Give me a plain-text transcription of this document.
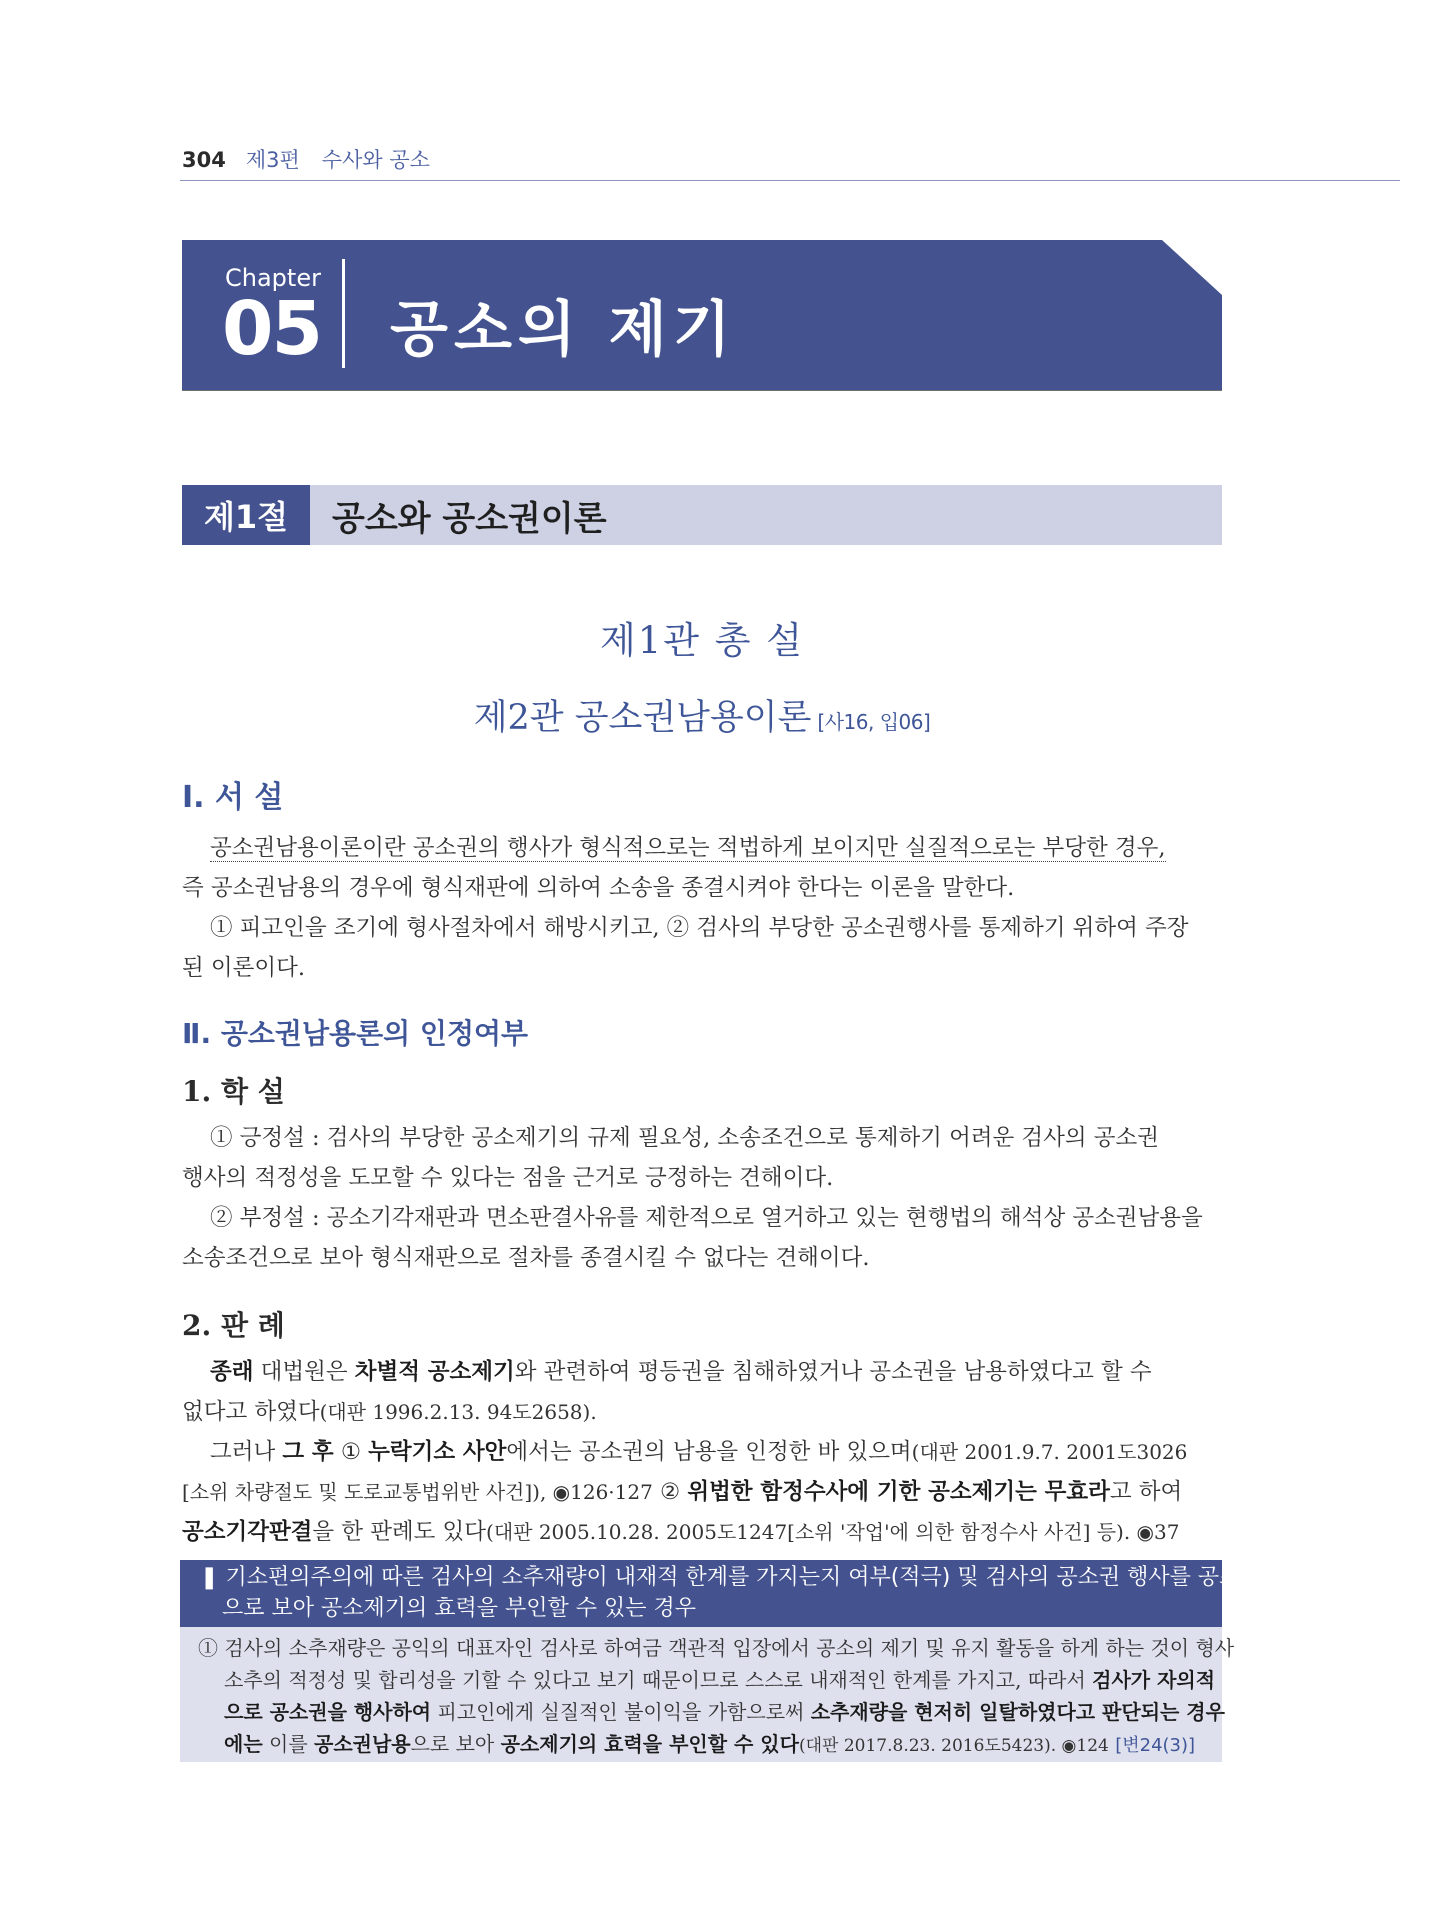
304 제3편 수사와 공소
Chapter
05 공소의 제기
제1절	공소와 공소권이론
제1관 총 설
제2관 공소권남용이론 [사16, 입06]
Ⅰ. 서 설
공소권남용이론이란 공소권의 행사가 형식적으로는 적법하게 보이지만 실질적으로는 부당한 경우,
즉 공소권남용의 경우에 형식재판에 의하여 소송을 종결시켜야 한다는 이론을 말한다.
① 피고인을 조기에 형사절차에서 해방시키고, ② 검사의 부당한 공소권행사를 통제하기 위하여 주장
된 이론이다.
Ⅱ. 공소권남용론의 인정여부
1. 학 설
① 긍정설 : 검사의 부당한 공소제기의 규제 필요성, 소송조건으로 통제하기 어려운 검사의 공소권
행사의 적정성을 도모할 수 있다는 점을 근거로 긍정하는 견해이다.
② 부정설 : 공소기각재판과 면소판결사유를 제한적으로 열거하고 있는 현행법의 해석상 공소권남용을
소송조건으로 보아 형식재판으로 절차를 종결시킬 수 없다는 견해이다.
2. 판 례
종래 대법원은 차별적 공소제기와 관련하여 평등권을 침해하였거나 공소권을 남용하였다고 할 수
없다고 하였다(대판 1996.2.13. 94도2658).
그러나 그 후 ① 누락기소 사안에서는 공소권의 남용을 인정한 바 있으며(대판 2001.9.7. 2001도3026
[소위 차량절도 및 도로교통법위반 사건]), ◉126·127 ② 위법한 함정수사에 기한 공소제기는 무효라고 하여
공소기각판결을 한 판례도 있다(대판 2005.10.28. 2005도1247[소위 '작업'에 의한 함정수사 사건] 등). ◉37
❚ 기소편의주의에 따른 검사의 소추재량이 내재적 한계를 가지는지 여부(적극) 및 검사의 공소권 행사를 공소권의 남용
으로 보아 공소제기의 효력을 부인할 수 있는 경우
① 검사의 소추재량은 공익의 대표자인 검사로 하여금 객관적 입장에서 공소의 제기 및 유지 활동을 하게 하는 것이 형사
소추의 적정성 및 합리성을 기할 수 있다고 보기 때문이므로 스스로 내재적인 한계를 가지고, 따라서 검사가 자의적
으로 공소권을 행사하여 피고인에게 실질적인 불이익을 가함으로써 소추재량을 현저히 일탈하였다고 판단되는 경우
에는 이를 공소권남용으로 보아 공소제기의 효력을 부인할 수 있다(대판 2017.8.23. 2016도5423). ◉124 [변24(3)]
